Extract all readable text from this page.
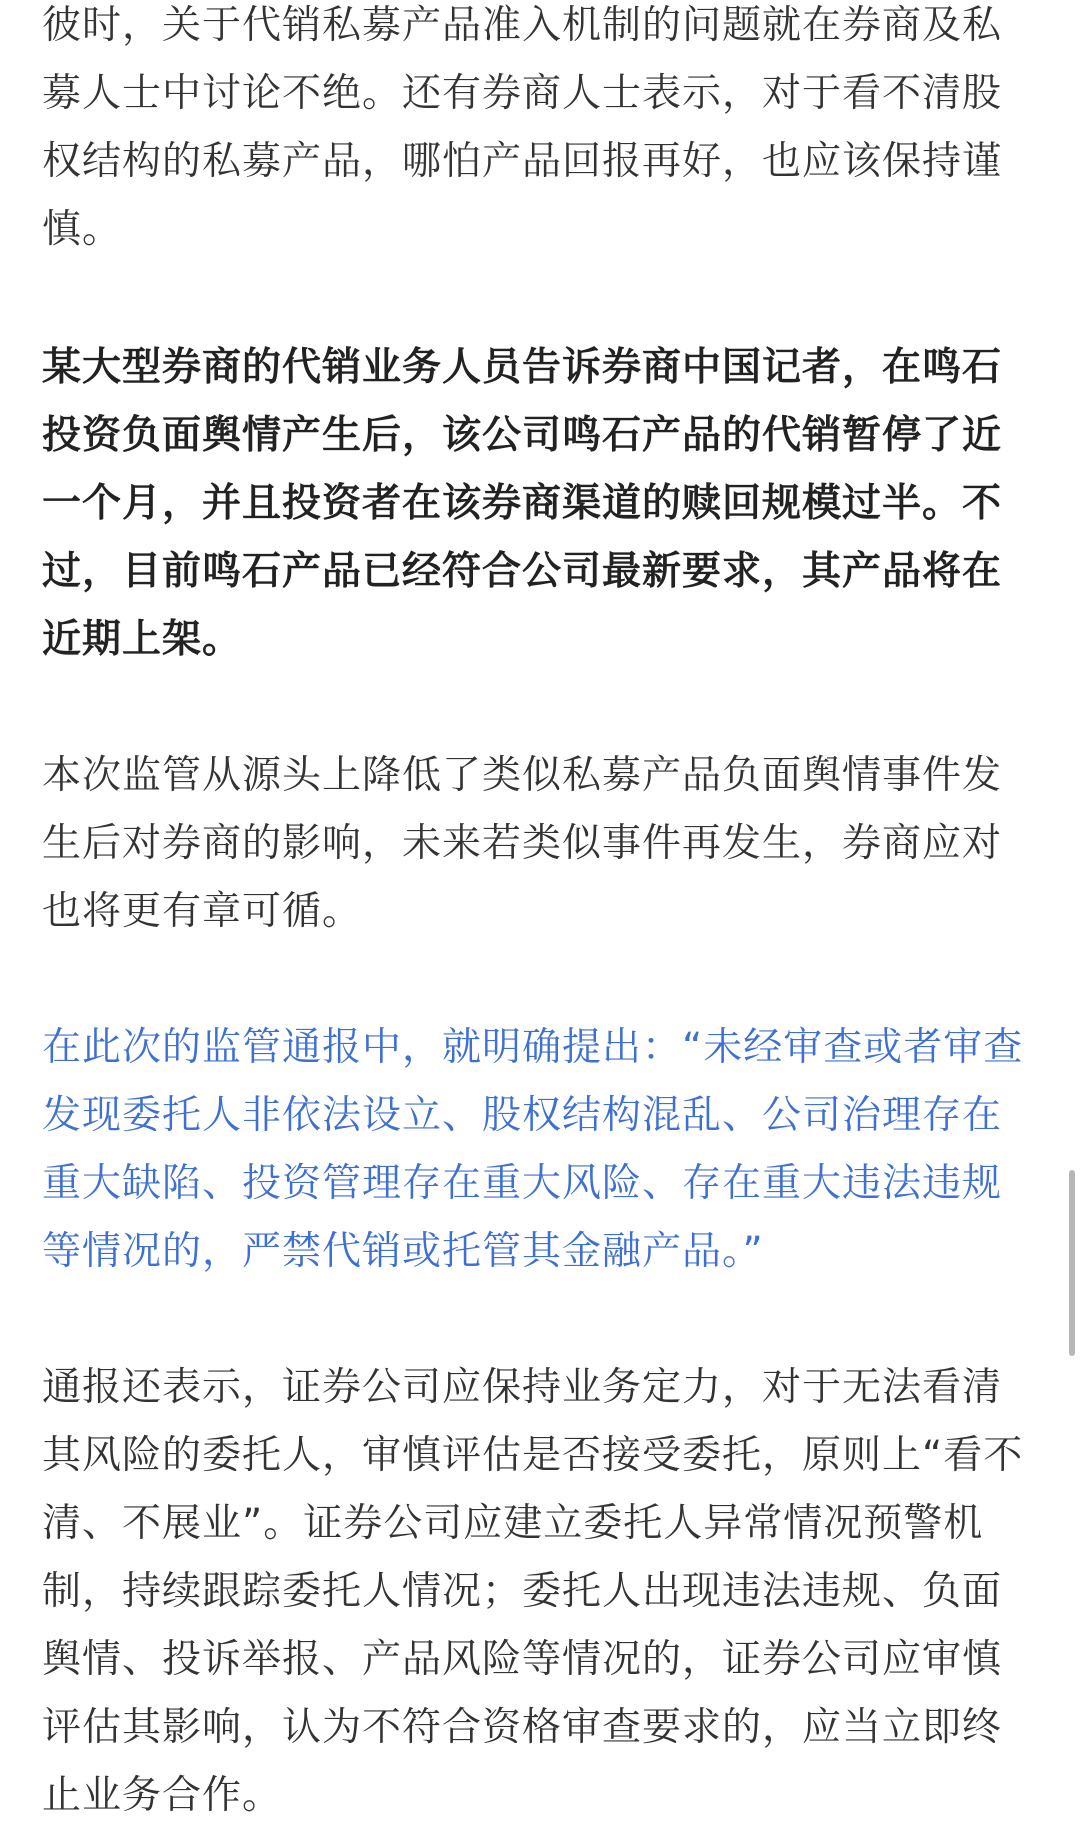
彼时，关于代销私募产品准入机制的问题就在券商及私
募人士中讨论不绝。还有券商人士表示，对于看不清股
权结构的私募产品，哪怕产品回报再好，也应该保持谨
慎。

某大型券商的代销业务人员告诉券商中国记者，在鸣石
投资负面舆情产生后，该公司鸣石产品的代销暂停了近
一个月，并且投资者在该券商渠道的赎回规模过半。不
过，目前鸣石产品已经符合公司最新要求，其产品将在
近期上架。

本次监管从源头上降低了类似私募产品负面舆情事件发
生后对券商的影响，未来若类似事件再发生，券商应对
也将更有章可循。

在此次的监管通报中，就明确提出：“未经审查或者审查
发现委托人非依法设立、股权结构混乱、公司治理存在
重大缺陷、投资管理存在重大风险、存在重大违法违规
等情况的，严禁代销或托管其金融产品。”

通报还表示，证券公司应保持业务定力，对于无法看清
其风险的委托人，审慎评估是否接受委托，原则上“看不
清、不展业”。证券公司应建立委托人异常情况预警机
制，持续跟踪委托人情况；委托人出现违法违规、负面
舆情、投诉举报、产品风险等情况的，证券公司应审慎
评估其影响，认为不符合资格审查要求的，应当立即终
止业务合作。
